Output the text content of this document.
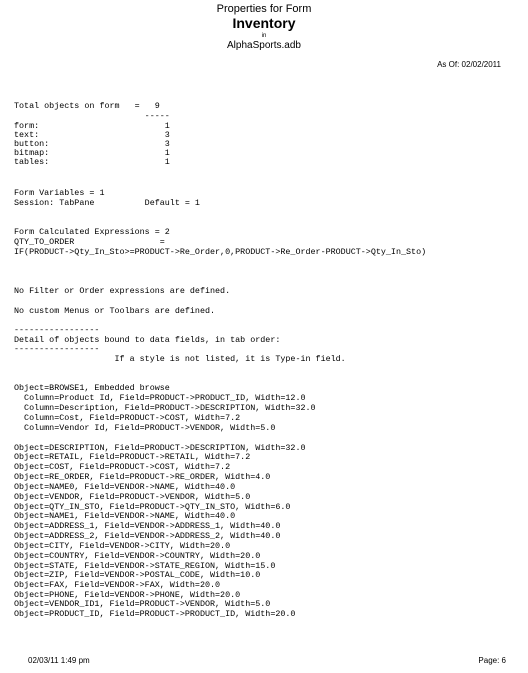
Properties for Form
Inventory
in
AlphaSports.adb
As Of: 02/02/2011
Total objects on form   =   9
-----
form:                         1
text:                         3
button:                       3
bitmap:                       1
tables:                       1
Form Variables = 1
Session: TabPane          Default = 1
Form Calculated Expressions = 2
QTY_TO_ORDER                 =
IF(PRODUCT->Qty_In_Sto>=PRODUCT->Re_Order,0,PRODUCT->Re_Order-PRODUCT->Qty_In_Sto)
No Filter or Order expressions are defined.
No custom Menus or Toolbars are defined.
-----------------
Detail of objects bound to data fields, in tab order:
-----------------
If a style is not listed, it is Type-in field.
Object=BROWSE1, Embedded browse
Column=Product Id, Field=PRODUCT->PRODUCT_ID, Width=12.0
Column=Description, Field=PRODUCT->DESCRIPTION, Width=32.0
Column=Cost, Field=PRODUCT->COST, Width=7.2
Column=Vendor Id, Field=PRODUCT->VENDOR, Width=5.0
Object=DESCRIPTION, Field=PRODUCT->DESCRIPTION, Width=32.0
Object=RETAIL, Field=PRODUCT->RETAIL, Width=7.2
Object=COST, Field=PRODUCT->COST, Width=7.2
Object=RE_ORDER, Field=PRODUCT->RE_ORDER, Width=4.0
Object=NAME0, Field=VENDOR->NAME, Width=40.0
Object=VENDOR, Field=PRODUCT->VENDOR, Width=5.0
Object=QTY_IN_STO, Field=PRODUCT->QTY_IN_STO, Width=6.0
Object=NAME1, Field=VENDOR->NAME, Width=40.0
Object=ADDRESS_1, Field=VENDOR->ADDRESS_1, Width=40.0
Object=ADDRESS_2, Field=VENDOR->ADDRESS_2, Width=40.0
Object=CITY, Field=VENDOR->CITY, Width=20.0
Object=COUNTRY, Field=VENDOR->COUNTRY, Width=20.0
Object=STATE, Field=VENDOR->STATE_REGION, Width=15.0
Object=ZIP, Field=VENDOR->POSTAL_CODE, Width=10.0
Object=FAX, Field=VENDOR->FAX, Width=20.0
Object=PHONE, Field=VENDOR->PHONE, Width=20.0
Object=VENDOR_ID1, Field=PRODUCT->VENDOR, Width=5.0
Object=PRODUCT_ID, Field=PRODUCT->PRODUCT_ID, Width=20.0
02/03/11 1:49 pm	Page: 6
